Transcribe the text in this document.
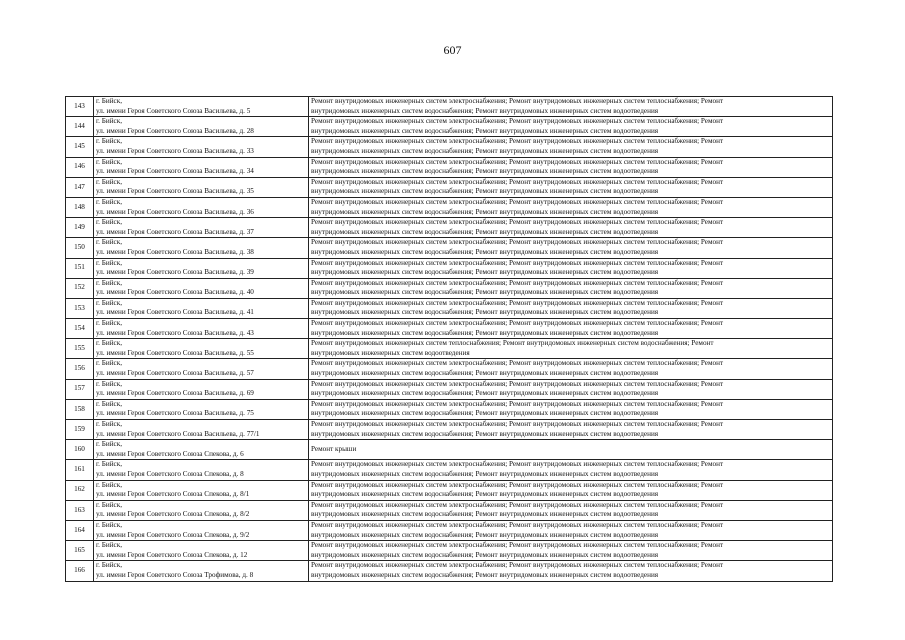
607
143	г. Бийск,
ул. имени Героя Советского Союза Васильева, д. 5	Ремонт внутридомовых инженерных систем электроснабжения; Ремонт внутридомовых инженерных систем теплоснабжения; Ремонт
внутридомовых инженерных систем водоснабжения; Ремонт внутридомовых инженерных систем водоотведения

144	г. Бийск,
ул. имени Героя Советского Союза Васильева, д. 28	Ремонт внутридомовых инженерных систем электроснабжения; Ремонт внутридомовых инженерных систем теплоснабжения; Ремонт
внутридомовых инженерных систем водоснабжения; Ремонт внутридомовых инженерных систем водоотведения

145	г. Бийск,
ул. имени Героя Советского Союза Васильева, д. 33	Ремонт внутридомовых инженерных систем электроснабжения; Ремонт внутридомовых инженерных систем теплоснабжения; Ремонт
внутридомовых инженерных систем водоснабжения; Ремонт внутридомовых инженерных систем водоотведения

146	г. Бийск,
ул. имени Героя Советского Союза Васильева, д. 34	Ремонт внутридомовых инженерных систем электроснабжения; Ремонт внутридомовых инженерных систем теплоснабжения; Ремонт
внутридомовых инженерных систем водоснабжения; Ремонт внутридомовых инженерных систем водоотведения

147	г. Бийск,
ул. имени Героя Советского Союза Васильева, д. 35	Ремонт внутридомовых инженерных систем электроснабжения; Ремонт внутридомовых инженерных систем теплоснабжения; Ремонт
внутридомовых инженерных систем водоснабжения; Ремонт внутридомовых инженерных систем водоотведения

148	г. Бийск,
ул. имени Героя Советского Союза Васильева, д. 36	Ремонт внутридомовых инженерных систем электроснабжения; Ремонт внутридомовых инженерных систем теплоснабжения; Ремонт
внутридомовых инженерных систем водоснабжения; Ремонт внутридомовых инженерных систем водоотведения

149	г. Бийск,
ул. имени Героя Советского Союза Васильева, д. 37	Ремонт внутридомовых инженерных систем электроснабжения; Ремонт внутридомовых инженерных систем теплоснабжения; Ремонт
внутридомовых инженерных систем водоснабжения; Ремонт внутридомовых инженерных систем водоотведения

150	г. Бийск,
ул. имени Героя Советского Союза Васильева, д. 38	Ремонт внутридомовых инженерных систем электроснабжения; Ремонт внутридомовых инженерных систем теплоснабжения; Ремонт
внутридомовых инженерных систем водоснабжения; Ремонт внутридомовых инженерных систем водоотведения

151	г. Бийск,
ул. имени Героя Советского Союза Васильева, д. 39	Ремонт внутридомовых инженерных систем электроснабжения; Ремонт внутридомовых инженерных систем теплоснабжения; Ремонт
внутридомовых инженерных систем водоснабжения; Ремонт внутридомовых инженерных систем водоотведения

152	г. Бийск,
ул. имени Героя Советского Союза Васильева, д. 40	Ремонт внутридомовых инженерных систем электроснабжения; Ремонт внутридомовых инженерных систем теплоснабжения; Ремонт
внутридомовых инженерных систем водоснабжения; Ремонт внутридомовых инженерных систем водоотведения

153	г. Бийск,
ул. имени Героя Советского Союза Васильева, д. 41	Ремонт внутридомовых инженерных систем электроснабжения; Ремонт внутридомовых инженерных систем теплоснабжения; Ремонт
внутридомовых инженерных систем водоснабжения; Ремонт внутридомовых инженерных систем водоотведения

154	г. Бийск,
ул. имени Героя Советского Союза Васильева, д. 43	Ремонт внутридомовых инженерных систем электроснабжения; Ремонт внутридомовых инженерных систем теплоснабжения; Ремонт
внутридомовых инженерных систем водоснабжения; Ремонт внутридомовых инженерных систем водоотведения

155	г. Бийск,
ул. имени Героя Советского Союза Васильева, д. 55	Ремонт внутридомовых инженерных систем теплоснабжения; Ремонт внутридомовых инженерных систем водоснабжения; Ремонт
внутридомовых инженерных систем водоотведения

156	г. Бийск,
ул. имени Героя Советского Союза Васильева, д. 57	Ремонт внутридомовых инженерных систем электроснабжения; Ремонт внутридомовых инженерных систем теплоснабжения; Ремонт
внутридомовых инженерных систем водоснабжения; Ремонт внутридомовых инженерных систем водоотведения

157	г. Бийск,
ул. имени Героя Советского Союза Васильева, д. 69	Ремонт внутридомовых инженерных систем электроснабжения; Ремонт внутридомовых инженерных систем теплоснабжения; Ремонт
внутридомовых инженерных систем водоснабжения; Ремонт внутридомовых инженерных систем водоотведения

158	г. Бийск,
ул. имени Героя Советского Союза Васильева, д. 75	Ремонт внутридомовых инженерных систем электроснабжения; Ремонт внутридомовых инженерных систем теплоснабжения; Ремонт
внутридомовых инженерных систем водоснабжения; Ремонт внутридомовых инженерных систем водоотведения

159	г. Бийск,
ул. имени Героя Советского Союза Васильева, д. 77/1	Ремонт внутридомовых инженерных систем электроснабжения; Ремонт внутридомовых инженерных систем теплоснабжения; Ремонт
внутридомовых инженерных систем водоснабжения; Ремонт внутридомовых инженерных систем водоотведения

160	г. Бийск,
ул. имени Героя Советского Союза Спекова, д. 6	Ремонт крыши

161	г. Бийск,
ул. имени Героя Советского Союза Спекова, д. 8	Ремонт внутридомовых инженерных систем электроснабжения; Ремонт внутридомовых инженерных систем теплоснабжения; Ремонт
внутридомовых инженерных систем водоснабжения; Ремонт внутридомовых инженерных систем водоотведения

162	г. Бийск,
ул. имени Героя Советского Союза Спекова, д. 8/1	Ремонт внутридомовых инженерных систем электроснабжения; Ремонт внутридомовых инженерных систем теплоснабжения; Ремонт
внутридомовых инженерных систем водоснабжения; Ремонт внутридомовых инженерных систем водоотведения

163	г. Бийск,
ул. имени Героя Советского Союза Спекова, д. 8/2	Ремонт внутридомовых инженерных систем электроснабжения; Ремонт внутридомовых инженерных систем теплоснабжения; Ремонт
внутридомовых инженерных систем водоснабжения; Ремонт внутридомовых инженерных систем водоотведения

164	г. Бийск,
ул. имени Героя Советского Союза Спекова, д. 9/2	Ремонт внутридомовых инженерных систем электроснабжения; Ремонт внутридомовых инженерных систем теплоснабжения; Ремонт
внутридомовых инженерных систем водоснабжения; Ремонт внутридомовых инженерных систем водоотведения

165	г. Бийск,
ул. имени Героя Советского Союза Спекова, д. 12	Ремонт внутридомовых инженерных систем электроснабжения; Ремонт внутридомовых инженерных систем теплоснабжения; Ремонт
внутридомовых инженерных систем водоснабжения; Ремонт внутридомовых инженерных систем водоотведения

166	г. Бийск,
ул. имени Героя Советского Союза Трофимова, д. 8	Ремонт внутридомовых инженерных систем электроснабжения; Ремонт внутридомовых инженерных систем теплоснабжения; Ремонт
внутридомовых инженерных систем водоснабжения; Ремонт внутридомовых инженерных систем водоотведения
